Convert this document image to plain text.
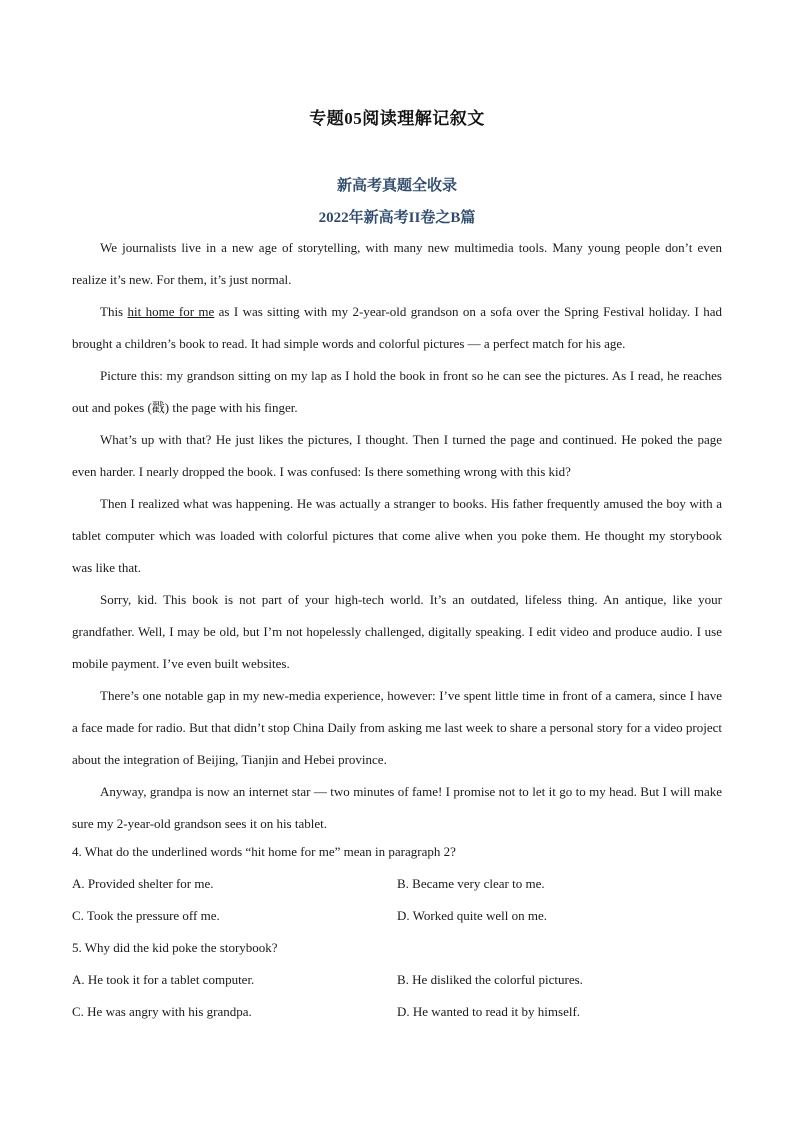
专题05阅读理解记叙文
新高考真题全收录
2022年新高考II卷之B篇

We journalists live in a new age of storytelling, with many new multimedia tools. Many young people don’t even realize it’s new. For them, it’s just normal.

This hit home for me as I was sitting with my 2-year-old grandson on a sofa over the Spring Festival holiday. I had brought a children’s book to read. It had simple words and colorful pictures — a perfect match for his age.

Picture this: my grandson sitting on my lap as I hold the book in front so he can see the pictures. As I read, he reaches out and pokes (戳) the page with his finger.

What’s up with that? He just likes the pictures, I thought. Then I turned the page and continued. He poked the page even harder. I nearly dropped the book. I was confused: Is there something wrong with this kid?

Then I realized what was happening. He was actually a stranger to books. His father frequently amused the boy with a tablet computer which was loaded with colorful pictures that come alive when you poke them. He thought my storybook was like that.

Sorry, kid. This book is not part of your high-tech world. It’s an outdated, lifeless thing. An antique, like your grandfather. Well, I may be old, but I’m not hopelessly challenged, digitally speaking. I edit video and produce audio. I use mobile payment. I’ve even built websites.

There’s one notable gap in my new-media experience, however: I’ve spent little time in front of a camera, since I have a face made for radio. But that didn’t stop China Daily from asking me last week to share a personal story for a video project about the integration of Beijing, Tianjin and Hebei province.

Anyway, grandpa is now an internet star — two minutes of fame! I promise not to let it go to my head. But I will make sure my 2-year-old grandson sees it on his tablet.

4. What do the underlined words “hit home for me” mean in paragraph 2?

A. Provided shelter for me.	B. Became very clear to me.
C. Took the pressure off me.	D. Worked quite well on me.

5. Why did the kid poke the storybook?

A. He took it for a tablet computer.	B. He disliked the colorful pictures.
C. He was angry with his grandpa.	D. He wanted to read it by himself.
